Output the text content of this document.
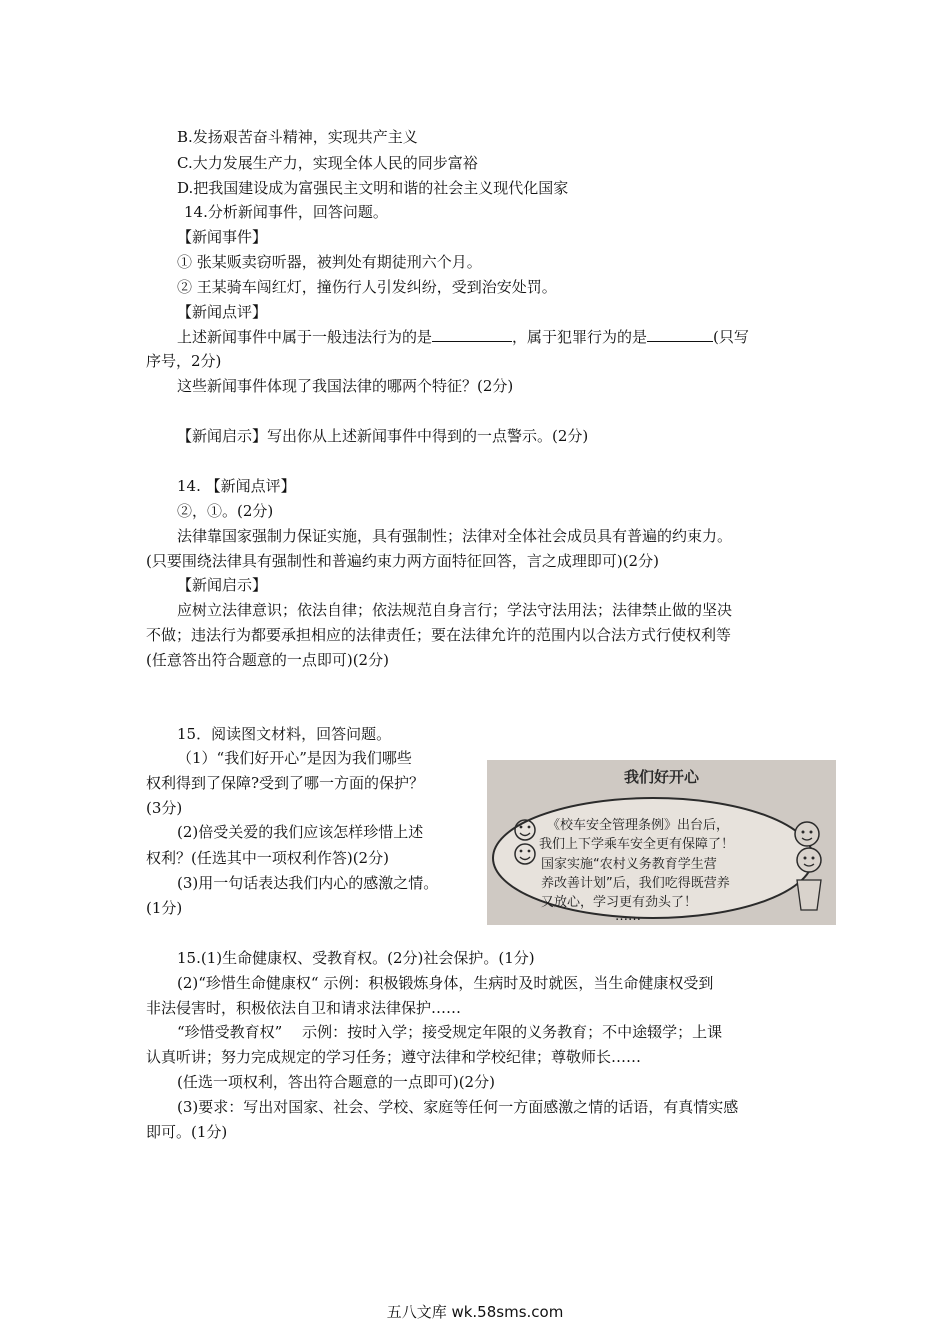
B.发扬艰苦奋斗精神，实现共产主义
C.大力发展生产力，实现全体人民的同步富裕
D.把我国建设成为富强民主文明和谐的社会主义现代化国家
14.分析新闻事件，回答问题。
【新闻事件】
① 张某贩卖窃听器，被判处有期徒刑六个月。
② 王某骑车闯红灯，撞伤行人引发纠纷，受到治安处罚。
【新闻点评】
上述新闻事件中属于一般违法行为的是	，属于犯罪行为的是	(只写
序号，2分)
这些新闻事件体现了我国法律的哪两个特征？(2分)
【新闻启示】写出你从上述新闻事件中得到的一点警示。(2分)
14. 【新闻点评】
②，①。(2分)
法律靠国家强制力保证实施，具有强制性；法律对全体社会成员具有普遍的约束力。
(只要围绕法律具有强制性和普遍约束力两方面特征回答，言之成理即可)(2分)
【新闻启示】
应树立法律意识；依法自律；依法规范自身言行；学法守法用法；法律禁止做的坚决
不做；违法行为都要承担相应的法律责任；要在法律允许的范围内以合法方式行使权利等
(任意答出符合题意的一点即可)(2分)
15．阅读图文材料，回答问题。
（1）“我们好开心”是因为我们哪些
权利得到了保障?受到了哪一方面的保护？
(3分)
(2)倍受关爱的我们应该怎样珍惜上述
权利？(任选其中一项权利作答)(2分)
(3)用一句话表达我们内心的感激之情。
(1分)
我们好开心
《校车安全管理条例》出台后，
我们上下学乘车安全更有保障了！
国家实施“农村义务教育学生营
养改善计划”后，我们吃得既营养
又放心，学习更有劲头了！
……
15.(1)生命健康权、受教育权。(2分)社会保护。(1分)
(2)“珍惜生命健康权“ 示例：积极锻炼身体，生病时及时就医，当生命健康权受到
非法侵害时，积极依法自卫和请求法律保护……
“珍惜受教育权”　 示例：按时入学；接受规定年限的义务教育；不中途辍学；上课
认真听讲；努力完成规定的学习任务；遵守法律和学校纪律；尊敬师长……
(任选一项权利，答出符合题意的一点即可)(2分)
(3)要求：写出对国家、社会、学校、家庭等任何一方面感激之情的话语，有真情实感
即可。(1分)
五八文库 wk.58sms.com
